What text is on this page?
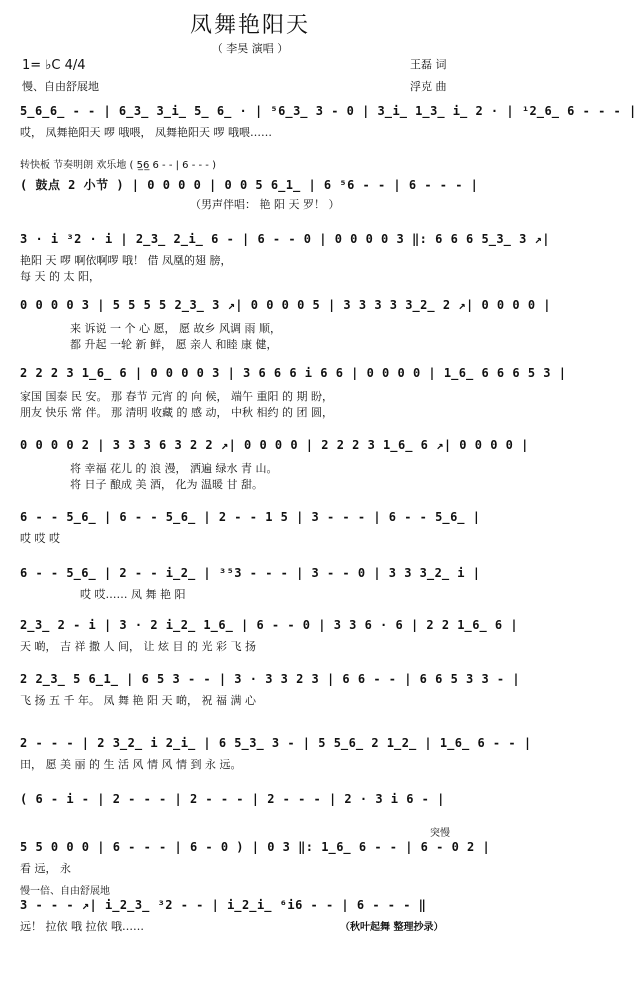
凤舞艳阳天
（ 李昊 演唱 ）
1= ♭C 4/4
慢、自由舒展地
王磊 词
浮克 曲
5̲6̲6̲ - - | 6̲3̲ 3̲i̲ 5̲ 6̲ · | ⁵6̲3̲ 3 - 0 | 3̲i̲ 1̲3̲ i̲ 2 · | ¹2̲6̲ 6 - - - |
哎， 凤舞艳阳天 啰 哦喂， 凤舞艳阳天 啰 哦喂……
转快板 节奏明朗 欢乐地 ( 5̲6̲ 6 - - | 6 - - - )
( 鼓点 2 小节 ) | 0 0 0 0 | 0 0 5 6̲1̲ | 6 ⁵6 - - | 6 - - - |
（男声伴唱： 艳 阳 天 罗！ ）
3 · i ³2 · i | 2̲3̲ 2̲i̲ 6 - | 6 - - 0 | 0 0 0 0 3 ‖: 6 6 6 5̲3̲ 3 ↗|
艳阳 天 啰 啊依啊啰 哦！ 借 凤凰的翅 膀，
每 天 的 太 阳，
0 0 0 0 3 | 5 5 5 5 2̲3̲ 3 ↗| 0 0 0 0 5 | 3 3 3 3 3̲2̲ 2 ↗| 0 0 0 0 |
来 诉说 一 个 心 愿， 愿 故乡 风调 雨 顺，
都 升起 一轮 新 鲜， 愿 亲人 和睦 康 健，
2 2 2 3 1̲6̲ 6 | 0 0 0 0 3 | 3 6 6 6 i 6 6 | 0 0 0 0 | 1̲6̲ 6 6 6 5 3 |
家国 国泰 民 安。 那 春节 元宵 的 向 候， 端午 重阳 的 期 盼，
朋友 快乐 常 伴。 那 清明 收藏 的 感 动， 中秋 相约 的 团 圆，
0 0 0 0 2 | 3 3 3 6 3 2 2 ↗| 0 0 0 0 | 2 2 2 3 1̲6̲ 6 ↗| 0 0 0 0 |
将 幸福 花儿 的 浪 漫， 洒遍 绿水 青 山。
将 日子 酿成 美 酒， 化为 温暖 甘 甜。
6 - - 5̲6̲ | 6 - - 5̲6̲ | 2 - - 1 5 | 3 - - - | 6 - - 5̲6̲ |
哎 哎 哎
6 - - 5̲6̲ | 2 - - i̲2̲ | ³⁵3 - - - | 3 - - 0 | 3 3 3̲2̲ i |
哎 哎…… 凤 舞 艳 阳
2̲3̲ 2 - i | 3 · 2 i̲2̲ 1̲6̲ | 6 - - 0 | 3 3 6 · 6 | 2 2 1̲6̲ 6 |
天 啲， 吉 祥 撒 人 间， 让 炫 目 的 光 彩 飞 扬
2 2̲3̲ 5 6̲1̲ | 6 5 3 - - | 3 · 3 3 2 3 | 6 6 - - | 6 6 5 3 3 - |
飞 扬 五 千 年。 凤 舞 艳 阳 天 啲， 祝 福 满 心
2 - - - | 2 3̲2̲ i 2̲i̲ | 6 5̲3̲ 3 - | 5 5̲6̲ 2 1̲2̲ | 1̲6̲ 6 - - |
田， 愿 美 丽 的 生 活 风 情 风 情 到 永 远。
( 6 - i - | 2 - - - | 2 - - - | 2 - - - | 2 · 3 i 6 - |
突慢
5 5 0 0 0 | 6 - - - | 6 - 0 ) | 0 3 ‖: 1̲6̲ 6 - - | 6 - 0 2 |
看 远， 永
慢一倍、自由舒展地
3 - - - ↗| i̲2̲3̲ ³2 - - | i̲2̲i̲ ⁶i6 - - | 6 - - - ‖
远！ 拉依 哦 拉依 哦……	（秋叶起舞 整理抄录）
